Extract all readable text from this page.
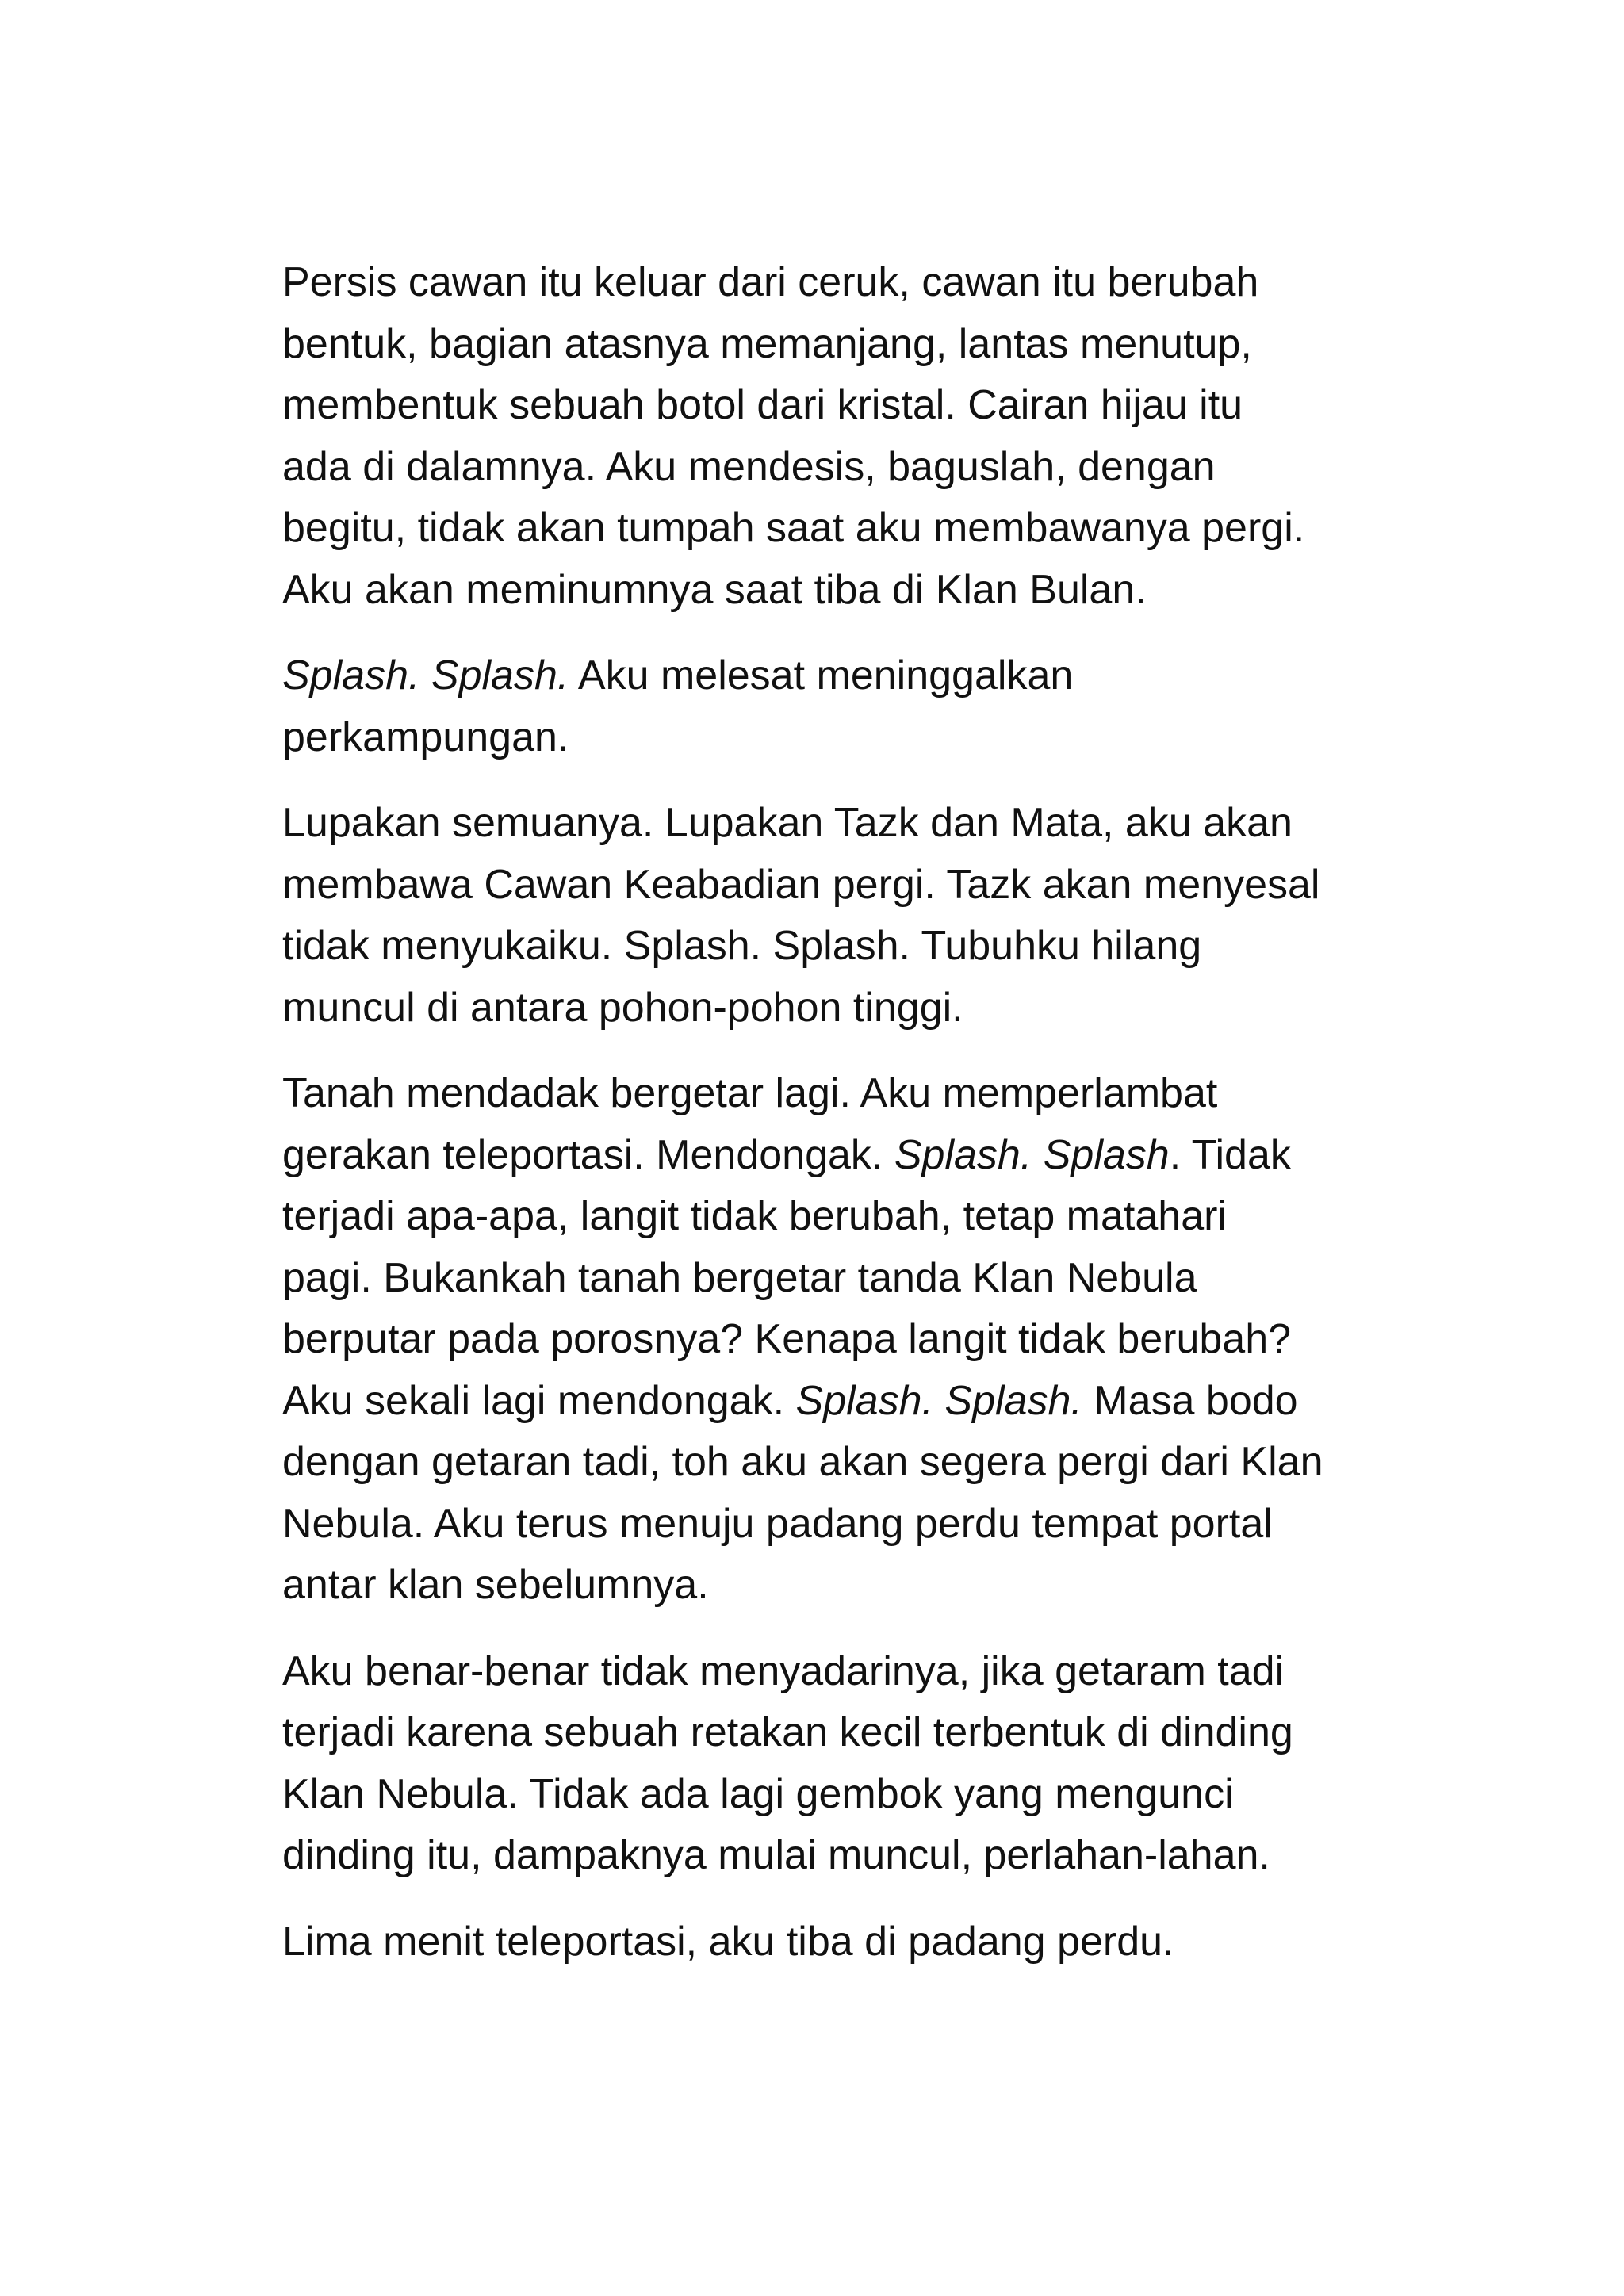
Persis cawan itu keluar dari ceruk, cawan itu berubah
bentuk, bagian atasnya memanjang, lantas menutup,
membentuk sebuah botol dari kristal. Cairan hijau itu
ada di dalamnya. Aku mendesis, baguslah, dengan
begitu, tidak akan tumpah saat aku membawanya pergi.
Aku akan meminumnya saat tiba di Klan Bulan.

Splash. Splash. Aku melesat meninggalkan
perkampungan.

Lupakan semuanya. Lupakan Tazk dan Mata, aku akan
membawa Cawan Keabadian pergi. Tazk akan menyesal
tidak menyukaiku. Splash. Splash. Tubuhku hilang
muncul di antara pohon-pohon tinggi.

Tanah mendadak bergetar lagi. Aku memperlambat
gerakan teleportasi. Mendongak. Splash. Splash. Tidak
terjadi apa-apa, langit tidak berubah, tetap matahari
pagi. Bukankah tanah bergetar tanda Klan Nebula
berputar pada porosnya? Kenapa langit tidak berubah?
Aku sekali lagi mendongak. Splash. Splash. Masa bodo
dengan getaran tadi, toh aku akan segera pergi dari Klan
Nebula. Aku terus menuju padang perdu tempat portal
antar klan sebelumnya.

Aku benar-benar tidak menyadarinya, jika getaram tadi
terjadi karena sebuah retakan kecil terbentuk di dinding
Klan Nebula. Tidak ada lagi gembok yang mengunci
dinding itu, dampaknya mulai muncul, perlahan-lahan.

Lima menit teleportasi, aku tiba di padang perdu.
